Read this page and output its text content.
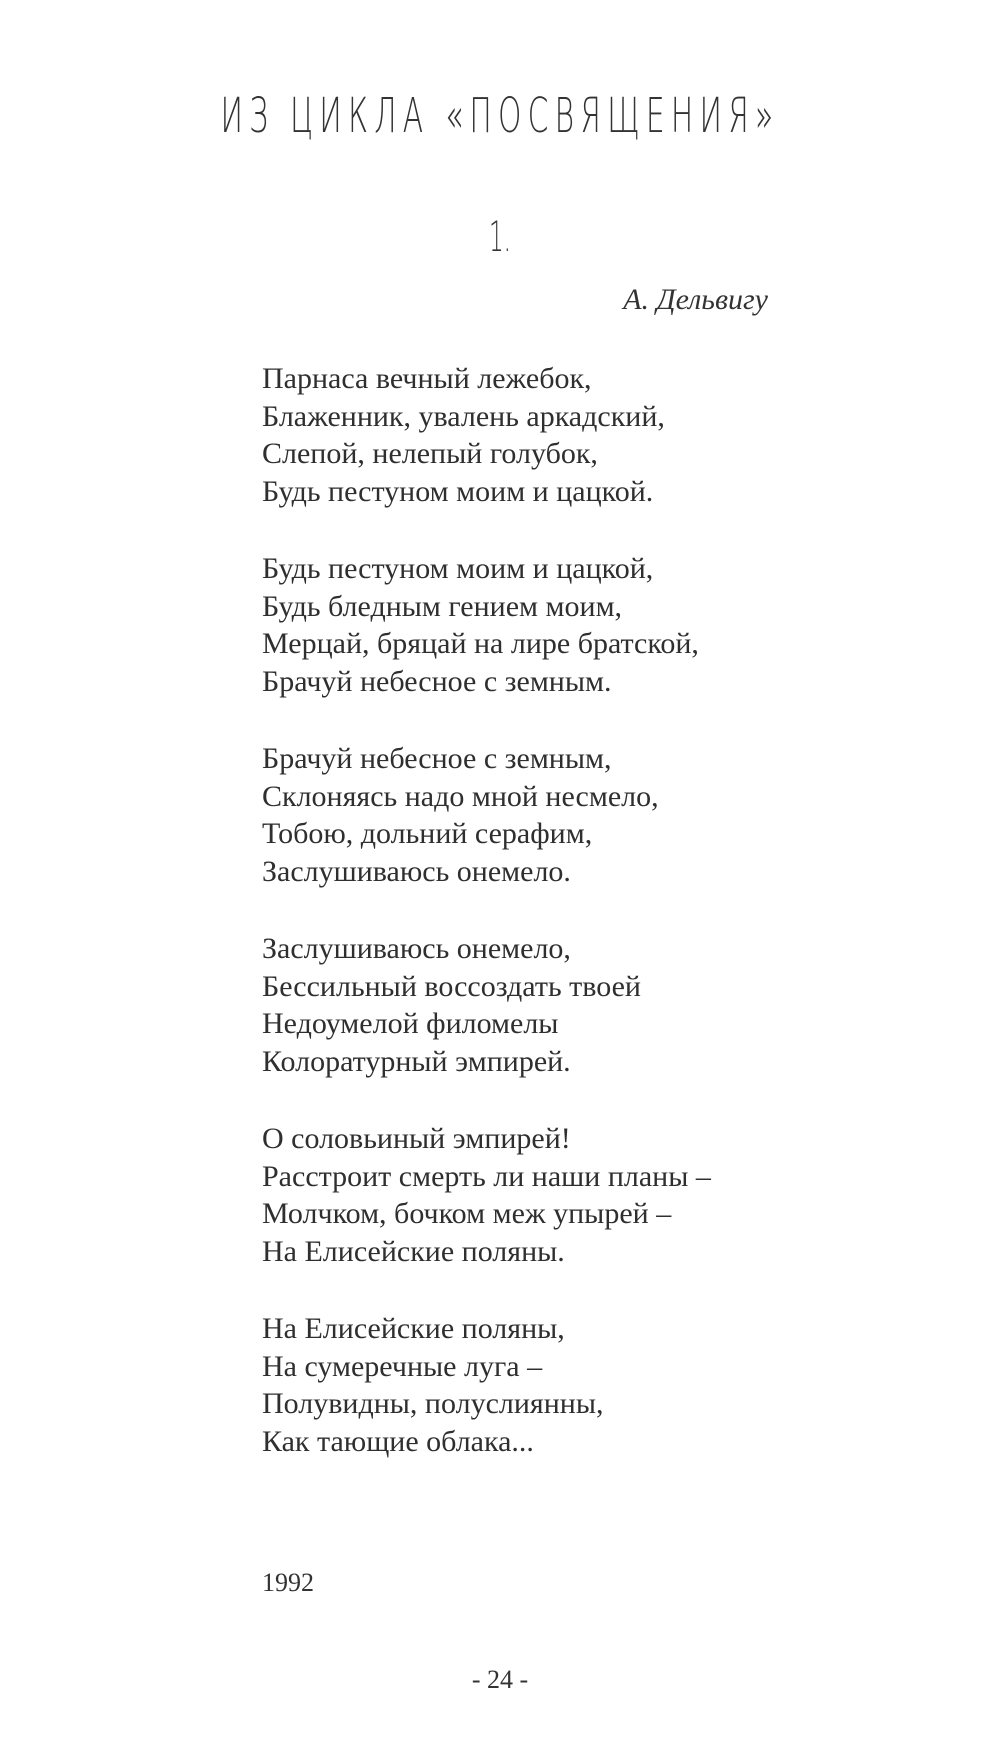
ИЗ ЦИКЛА «ПОСВЯЩЕНИЯ»
1.
А. Дельвигу
Парнаса вечный лежебок,
Блаженник, увалень аркадский,
Слепой, нелепый голубок,
Будь пестуном моим и цацкой.
Будь пестуном моим и цацкой,
Будь бледным гением моим,
Мерцай, бряцай на лире братской,
Брачуй небесное с земным.
Брачуй небесное с земным,
Склоняясь надо мной несмело,
Тобою, дольний серафим,
Заслушиваюсь онемело.
Заслушиваюсь онемело,
Бессильный воссоздать твоей
Недоумелой филомелы
Колоратурный эмпирей.
О соловьиный эмпирей!
Расстроит смерть ли наши планы –
Молчком, бочком меж упырей –
На Елисейские поляны.
На Елисейские поляны,
На сумеречные луга –
Полувидны, полуслиянны,
Как тающие облака...
1992
- 24 -
